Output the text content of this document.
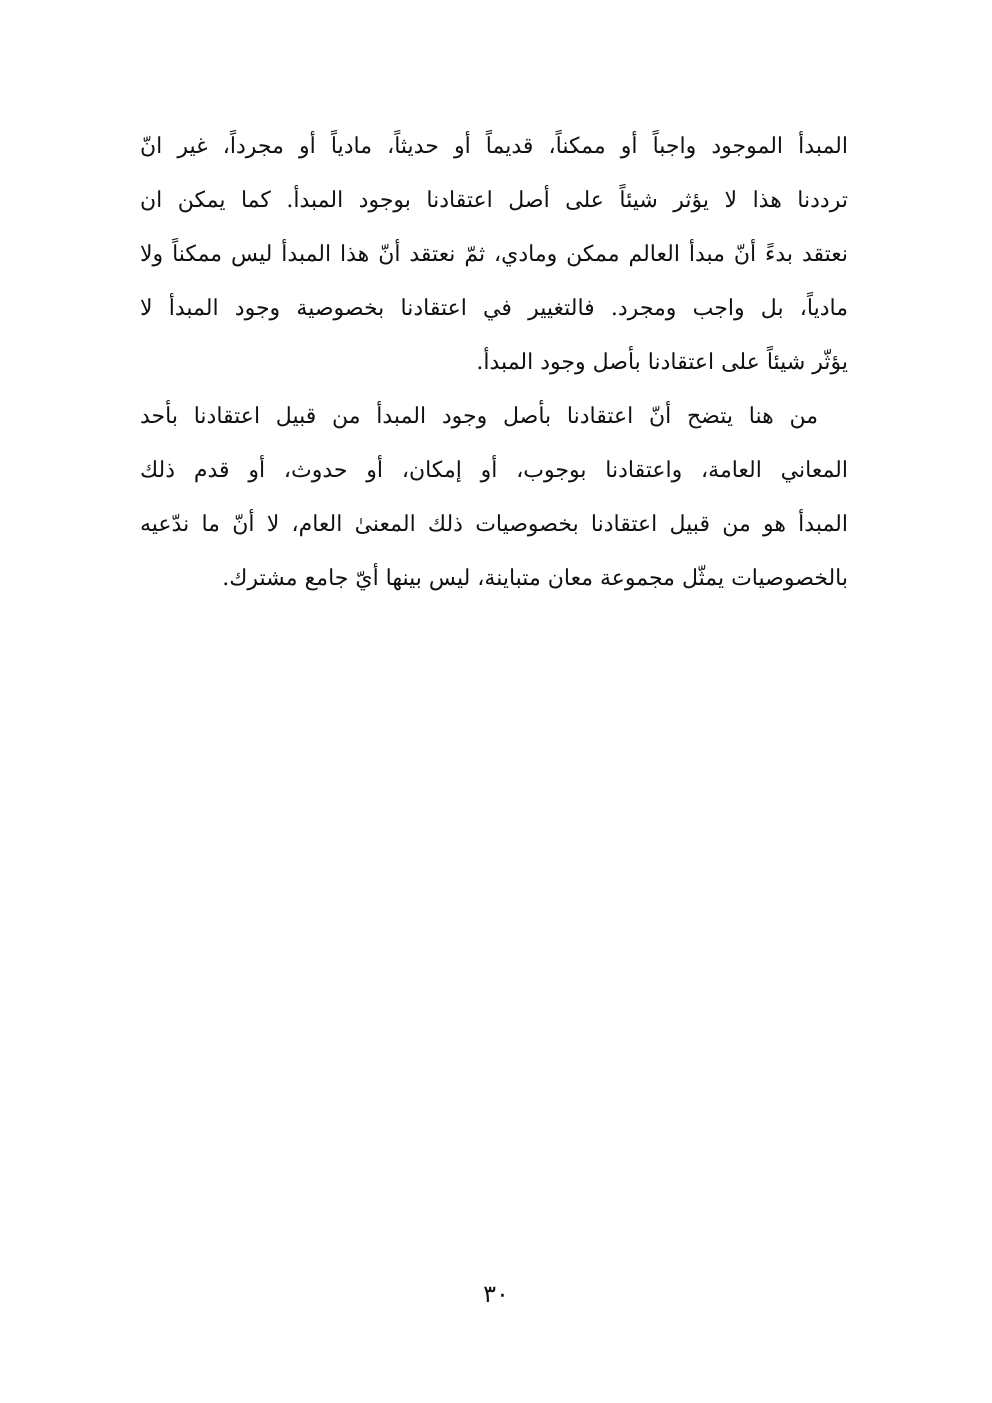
المبدأ الموجود واجباً أو ممكناً، قديماً أو حديثاً، مادياً أو مجرداً، غير انّ
ترددنا هذا لا يؤثر شيئاً على أصل اعتقادنا بوجود المبدأ. كما يمكن ان
نعتقد بدءً أنّ مبدأ العالم ممكن ومادي، ثمّ نعتقد أنّ هذا المبدأ ليس ممكناً ولا
مادياً، بل واجب ومجرد. فالتغيير في اعتقادنا بخصوصية وجود المبدأ لا
يؤثّر شيئاً على اعتقادنا بأصل وجود المبدأ.
من هنا يتضح أنّ اعتقادنا بأصل وجود المبدأ من قبيل اعتقادنا بأحد
المعاني العامة، واعتقادنا بوجوب، أو إمكان، أو حدوث، أو قدم ذلك
المبدأ هو من قبيل اعتقادنا بخصوصيات ذلك المعنىٰ العام، لا أنّ ما ندّعيه
بالخصوصيات يمثّل مجموعة معان متباينة، ليس بينها أيّ جامع مشترك.
٣٠
